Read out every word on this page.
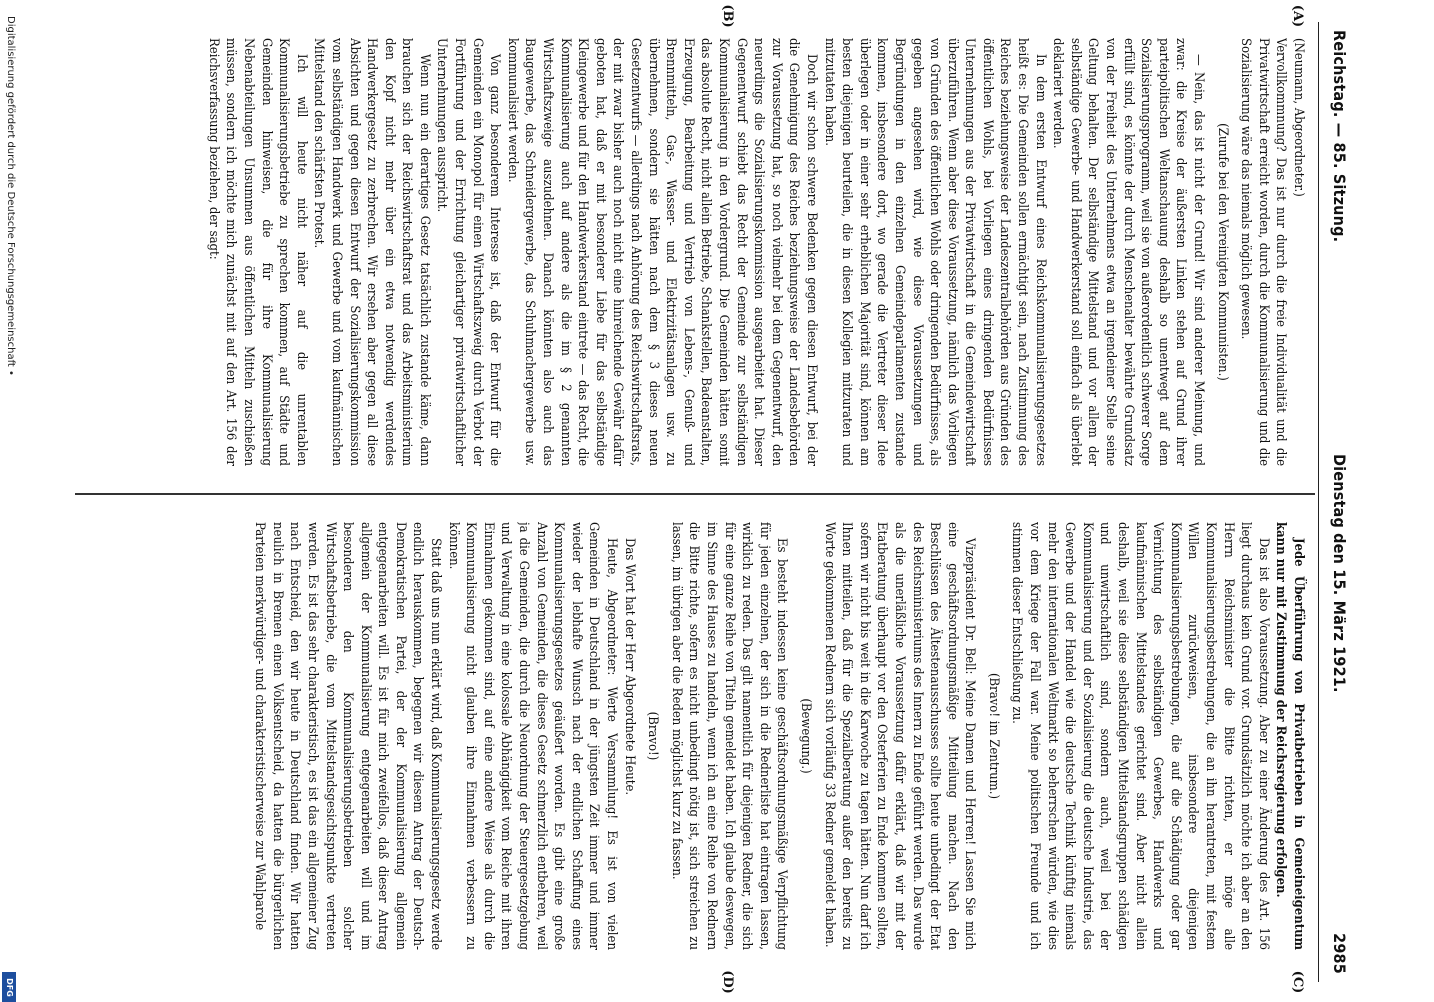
Digitalisierung gefördert durch die Deutsche Forschungsgemeinschaft •
DFG
Reichstag. — 85. Sitzung.
Dienstag den 15. März 1921.
2985
(A)
(B)
(C)
(D)

(Neumann, Abgeordneter.)

Vervollkommnung? Das ist nur durch die freie Individualität und die Privatwirtschaft erreicht worden, durch die Kommunalisierung und die Sozialisierung wäre das niemals möglich gewesen.

(Zurufe bei den Vereinigten Kommunisten.)

— Nein, das ist nicht der Grund! Wir sind anderer Meinung, und zwar: die Kreise der äußersten Linken stehen auf Grund ihrer parteipolitischen Weltanschauung deshalb so unentwegt auf dem Sozialisierungsprogramm, weil sie von außerordentlich schwerer Sorge erfüllt sind, es könnte der durch Menschenalter bewährte Grundsatz von der Freiheit des Unternehmens etwa an irgendeiner Stelle seine Geltung behalten. Der selbständige Mittelstand und vor allem der selbständige Gewerbe- und Handwerkerstand soll einfach als überlebt deklariert werden.

In dem ersten Entwurf eines Reichskommunalisierungsgesetzes heißt es: Die Gemeinden sollen ermächtigt sein, nach Zustimmung des Reiches beziehungsweise der Landeszentralbehörden aus Gründen des öffentlichen Wohls, bei Vorliegen eines dringenden Bedürfnisses Unternehmungen aus der Privatwirtschaft in die Gemeindewirtschaft überzuführen. Wenn aber diese Voraussetzung, nämlich das Vorliegen von Gründen des öffentlichen Wohls oder dringenden Bedürfnisses, als gegeben angesehen wird, wie diese Voraussetzungen und Begründungen in den einzelnen Gemeindeparlamenten zustande kommen, insbesondere dort, wo gerade die Vertreter dieser Idee überlegen oder in einer sehr erheblichen Majorität sind, können am besten diejenigen beurteilen, die in diesen Kollegien mitzuraten und mitzutaten haben.

Doch wir schon schwere Bedenken gegen diesen Entwurf, bei der die Genehmigung des Reiches beziehungsweise der Landesbehörden zur Voraussetzung hat, so noch vielmehr bei dem Gegenentwurf, den neuerdings die Sozialisierungskommission ausgearbeitet hat. Dieser Gegenentwurf schiebt das Recht der Gemeinde zur selbständigen Kommunalisierung in den Vordergrund. Die Gemeinden hätten somit das absolute Recht, nicht allein Betriebe, Schankstellen, Badeanstalten, Erzeugung, Bearbeitung und Vertrieb von Lebens-, Genuß- und Brennmitteln, Gas-, Wasser- und Elektrizitätsanlagen usw. zu übernehmen, sondern sie hätten nach dem § 3 dieses neuen Gesetzentwurfs — allerdings nach Anhörung des Reichswirtschaftsrats, der mit zwar bisher auch noch nicht eine hinreichende Gewähr dafür geboten hat, daß er mit besonderer Liebe für das selbständige Kleingewerbe und für den Handwerkerstand eintrete — das Recht, die Kommunalisierung auch auf andere als die im § 2 genannten Wirtschaftszweige auszudehnen. Danach könnten also auch das Baugewerbe, das Schneidergewerbe, das Schuhmachergewerbe usw. kommunalisiert werden.

Von ganz besonderem Interesse ist, daß der Entwurf für die Gemeinden ein Monopol für einen Wirtschaftszweig durch Verbot der Fortführung und der Errichtung gleichartiger privatwirtschaftlicher Unternehmungen ausspricht.

Wenn nun ein derartiges Gesetz tatsächlich zustande käme, dann brauchen sich der Reichswirtschaftsrat und das Arbeitsministerium den Kopf nicht mehr über ein etwa notwendig werdendes Handwerkergesetz zu zerbrechen. Wir ersehen aber gegen all diese Absichten und gegen diesen Entwurf der Sozialisierungskommission vom selbständigen Handwerk und Gewerbe und vom kaufmännischen Mittelstand den schärfsten Protest.

Ich will heute nicht näher auf die unrentablen Kommunalisierungsbetriebe zu sprechen kommen, auf Städte und Gemeinden hinweisen, die für ihre Kommunalisierung Nebenabteilungen Unsummen aus öffentlichen Mitteln zuschießen müssen, sondern ich möchte mich zunächst mit auf den Art. 156 der Reichsverfassung beziehen, der sagt:

Jede Überführung von Privatbetrieben in Gemeineigentum kann nur mit Zustimmung der Reichsregierung erfolgen.

Das ist also Voraussetzung. Aber zu einer Änderung des Art. 156 liegt durchaus kein Grund vor. Grundsätzlich möchte ich aber an den Herrn Reichsminister die Bitte richten, er möge alle Kommunalisierungsbestrebungen, die an ihn herantreten, mit festem Willen zurückweisen, insbesondere diejenigen Kommunalisierungsbestrebungen, die auf die Schädigung oder gar Vernichtung des selbständigen Gewerbes, Handwerks und kaufmännischen Mittelstandes gerichtet sind. Aber nicht allein deshalb, weil sie diese selbständigen Mittelstandsgruppen schädigen und unwirtschaftlich sind, sondern auch, weil bei der Kommunalisierung und der Sozialisierung die deutsche Industrie, das Gewerbe und der Handel wie die deutsche Technik künftig niemals mehr den internationalen Weltmarkt so beherrschen würden, wie dies vor dem Kriege der Fall war. Meine politischen Freunde und ich stimmen dieser Entschließung zu.

(Bravo! im Zentrum.)

Vizepräsident Dr. Bell: Meine Damen und Herren! Lassen Sie mich eine geschäftsordnungsmäßige Mitteilung machen. Nach den Beschlüssen des Ältestenausschusses sollte heute unbedingt der Etat des Reichsministeriums des Innern zu Ende geführt werden. Das wurde als die unerläßliche Voraussetzung dafür erklärt, daß wir mit der Etatberatung überhaupt vor den Osterferien zu Ende kommen sollten, sofern wir nicht bis weit in die Karwoche zu tagen hätten. Nun darf ich Ihnen mitteilen, daß für die Spezialberatung außer den bereits zu Worte gekommenen Rednern sich vorläufig 33 Redner gemeldet haben.

(Bewegung.)

Es besteht indessen keine geschäftsordnungsmäßige Verpflichtung für jeden einzelnen, der sich in die Rednerliste hat eintragen lassen, wirklich zu reden. Das gilt namentlich für diejenigen Redner, die sich für eine ganze Reihe von Titeln gemeldet haben. Ich glaube deswegen, im Sinne des Hauses zu handeln, wenn ich an eine Reihe von Rednern die Bitte richte, sofern es nicht unbedingt nötig ist, sich streichen zu lassen, im übrigen aber die Reden möglichst kurz zu fassen.

(Bravo!)

Das Wort hat der Herr Abgeordnete Heute.

Heute, Abgeordneter: Werte Versammlung! Es ist von vielen Gemeinden in Deutschland in der jüngsten Zeit immer und immer wieder der lebhafte Wunsch nach der endlichen Schaffung eines Kommunalisierungsgesetzes geäußert worden. Es gibt eine große Anzahl von Gemeinden, die dieses Gesetz schmerzlich entbehren, weil ja die Gemeinden, die durch die Neuordnung der Steuergesetzgebung und Verwaltung in eine kolossale Abhängigkeit vom Reiche mit ihren Einnahmen gekommen sind, auf eine andere Weise als durch die Kommunalisierung nicht glauben ihre Einnahmen verbessern zu können.

Statt daß uns nun erklärt wird, daß Kommunalisierungsgesetz werde endlich herauskommen, begegnen wir diesem Antrag der Deutsch-Demokratischen Partei, der der Kommunalisierung allgemein entgegenarbeiten will. Es ist für mich zweifellos, daß dieser Antrag allgemein der Kommunalisierung entgegenarbeiten will und im besonderen den Kommunalisierungsbetrieben solcher Wirtschaftsbetriebe, die vom Mittelstandsgesichtspunkte vertreten werden. Es ist das sehr charakteristisch, es ist das ein allgemeiner Zug nach Entscheid, den wir heute in Deutschland finden. Wir hatten neulich in Bremen einen Volksentscheid, da hatten die bürgerlichen Parteien merkwürdiger- und charakteristischerweise zur Wahlparole
